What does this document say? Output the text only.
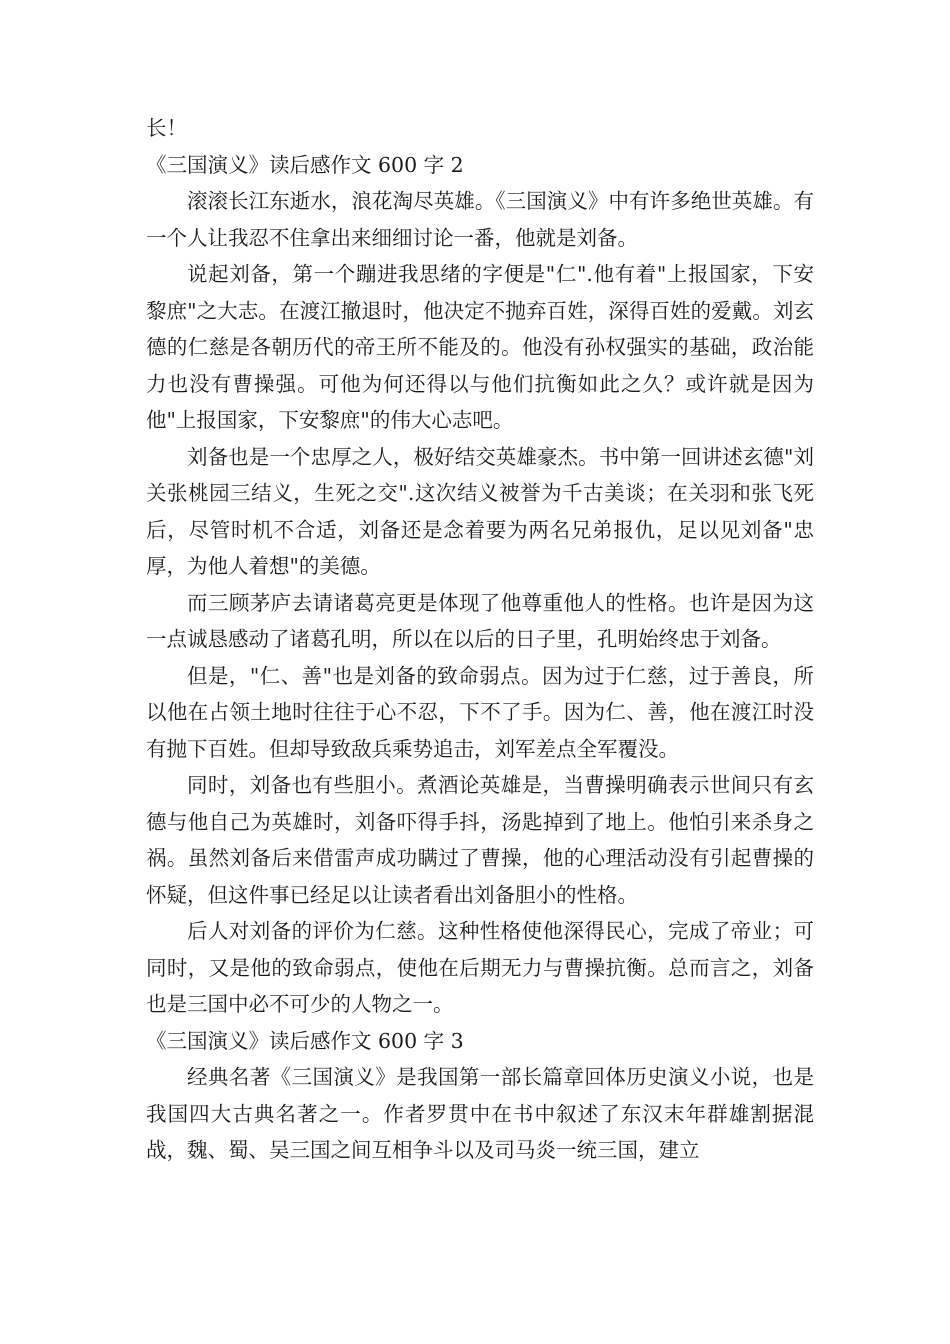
长！

《三国演义》读后感作文 600 字 2

滚滚长江东逝水，浪花淘尽英雄。《三国演义》中有许多绝世英雄。有一个人让我忍不住拿出来细细讨论一番，他就是刘备。

说起刘备，第一个蹦进我思绪的字便是"仁".他有着"上报国家，下安黎庶"之大志。在渡江撤退时，他决定不抛弃百姓，深得百姓的爱戴。刘玄德的仁慈是各朝历代的帝王所不能及的。他没有孙权强实的基础，政治能力也没有曹操强。可他为何还得以与他们抗衡如此之久？或许就是因为他"上报国家，下安黎庶"的伟大心志吧。

刘备也是一个忠厚之人，极好结交英雄豪杰。书中第一回讲述玄德"刘关张桃园三结义，生死之交".这次结义被誉为千古美谈；在关羽和张飞死后，尽管时机不合适，刘备还是念着要为两名兄弟报仇，足以见刘备"忠厚，为他人着想"的美德。

而三顾茅庐去请诸葛亮更是体现了他尊重他人的性格。也许是因为这一点诚恳感动了诸葛孔明，所以在以后的日子里，孔明始终忠于刘备。

但是，"仁、善"也是刘备的致命弱点。因为过于仁慈，过于善良，所以他在占领土地时往往于心不忍，下不了手。因为仁、善，他在渡江时没有抛下百姓。但却导致敌兵乘势追击，刘军差点全军覆没。

同时，刘备也有些胆小。煮酒论英雄是，当曹操明确表示世间只有玄德与他自己为英雄时，刘备吓得手抖，汤匙掉到了地上。他怕引来杀身之祸。虽然刘备后来借雷声成功瞒过了曹操，他的心理活动没有引起曹操的怀疑，但这件事已经足以让读者看出刘备胆小的性格。

后人对刘备的评价为仁慈。这种性格使他深得民心，完成了帝业；可同时，又是他的致命弱点，使他在后期无力与曹操抗衡。总而言之，刘备也是三国中必不可少的人物之一。

《三国演义》读后感作文 600 字 3

经典名著《三国演义》是我国第一部长篇章回体历史演义小说，也是我国四大古典名著之一。作者罗贯中在书中叙述了东汉末年群雄割据混战，魏、蜀、吴三国之间互相争斗以及司马炎一统三国，建立
